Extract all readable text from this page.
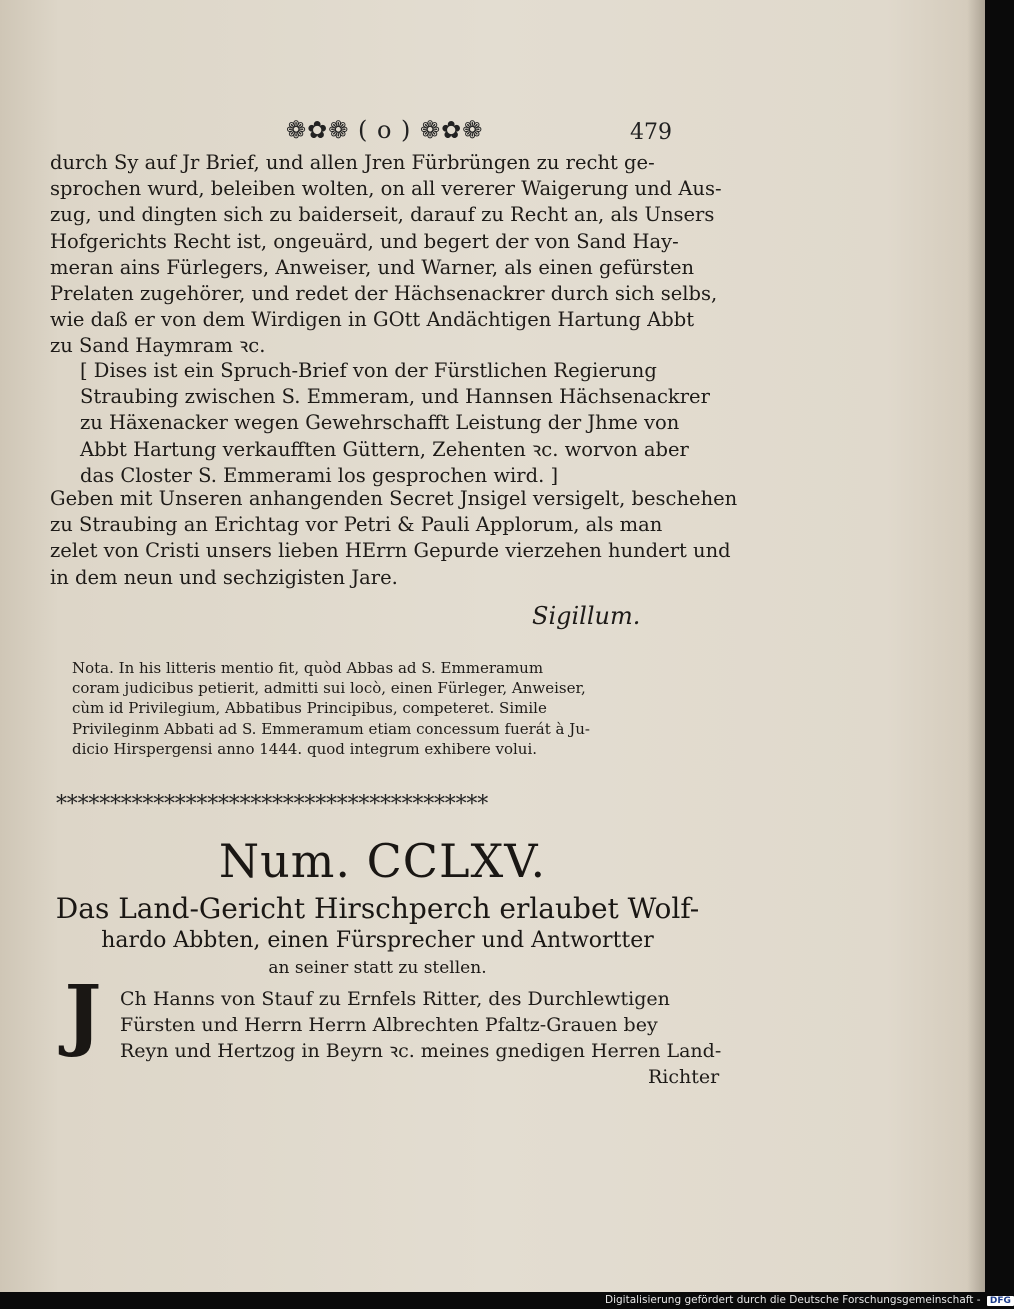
❁✿❁ ( o ) ❁✿❁	479
durch Sy auf Jr Brief, und allen Jren Fürbrüngen zu recht ge-
sprochen wurd, beleiben wolten, on all vererer Waigerung und Aus-
zug, und dingten sich zu baiderseit, darauf zu Recht an, als Unsers
Hofgerichts Recht ist, ongeuärd, und begert der von Sand Hay-
meran ains Fürlegers, Anweiser, und Warner, als einen gefürsten
Prelaten zugehörer, und redet der Hächsenackrer durch sich selbs,
wie daß er von dem Wirdigen in GOtt Andächtigen Hartung Abbt
zu Sand Haymram ꝛc.
[ Dises ist ein Spruch-Brief von der Fürstlichen Regierung
Straubing zwischen S. Emmeram, und Hannsen Hächsenackrer
zu Häxenacker wegen Gewehrschafft Leistung der Jhme von
Abbt Hartung verkaufften Güttern, Zehenten ꝛc. worvon aber
das Closter S. Emmerami los gesprochen wird. ]
Geben mit Unseren anhangenden Secret Jnsigel versigelt, beschehen
zu Straubing an Erichtag vor Petri & Pauli Applorum, als man
zelet von Cristi unsers lieben HErrn Gepurde vierzehen hundert und
in dem neun und sechzigisten Jare.
Sigillum.
Nota. In his litteris mentio fit, quòd Abbas ad S. Emmeramum
coram judicibus petierit, admitti sui locò, einen Fürleger, Anweiser,
cùm id Privilegium, Abbatibus Principibus, competeret. Simile
Privileginm Abbati ad S. Emmeramum etiam concessum fuerát à Ju-
dicio Hirspergensi anno 1444. quod integrum exhibere volui.
****************************************
Num. CCLXV.
Das Land-Gericht Hirschperch erlaubet Wolf-
hardo Abbten, einen Fürsprecher und Antwortter
an seiner statt zu stellen.
J Ch Hanns von Stauf zu Ernfels Ritter, des Durchlewtigen
Fürsten und Herrn Herrn Albrechten Pfaltz-Grauen bey
Reyn und Hertzog in Beyrn ꝛc. meines gnedigen Herren Land-
Richter
Digitalisierung gefördert durch die Deutsche Forschungsgemeinschaft - DFG
